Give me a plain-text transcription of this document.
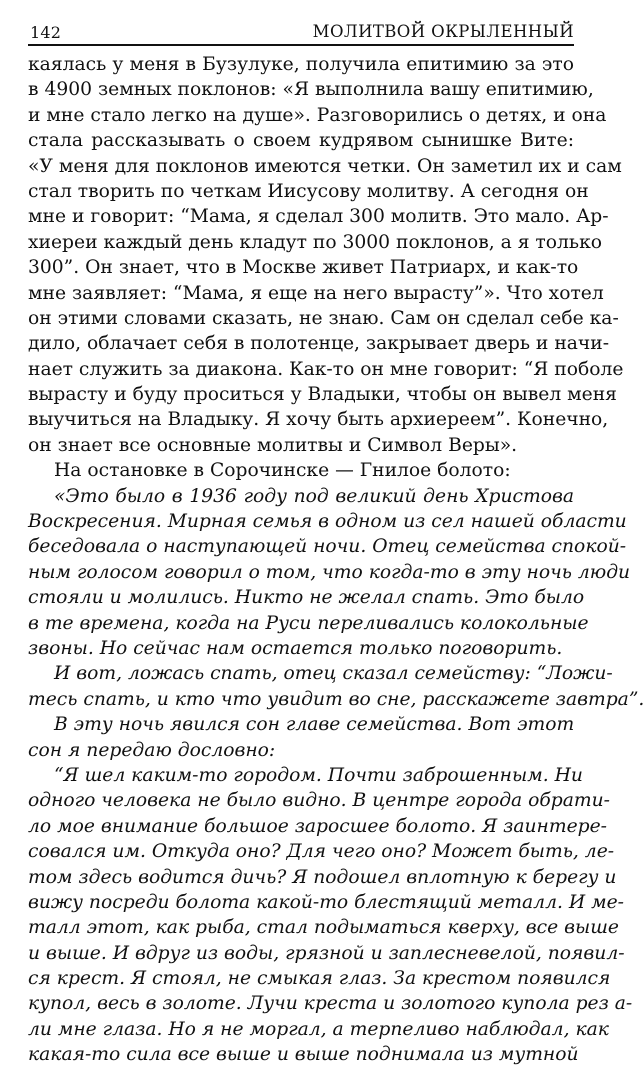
142	МОЛИТВОЙ ОКРЫЛЕННЫЙ
каялась у меня в Бузулуке, получила епитимию за это
в 4900 земных поклонов: «Я выполнила вашу епитимию,
и мне стало легко на душе». Разговорились о детях, и она
стала рассказывать о своем кудрявом сынишке Вите:
«У меня для поклонов имеются четки. Он заметил их и сам
стал творить по четкам Иисусову молитву. А сегодня он
мне и говорит: “Мама, я сделал 300 молитв. Это мало. Ар-
хиереи каждый день кладут по 3000 поклонов, а я только
300”. Он знает, что в Москве живет Патриарх, и как-то
мне заявляет: “Мама, я еще на него вырасту”». Что хотел
он этими словами сказать, не знаю. Сам он сделал себе ка-
дило, облачает себя в полотенце, закрывает дверь и начи-
нает служить за диакона. Как-то он мне говорит: “Я поболе
вырасту и буду проситься у Владыки, чтобы он вывел меня
выучиться на Владыку. Я хочу быть архиереем”. Конечно,
он знает все основные молитвы и Символ Веры».
На остановке в Сорочинске — Гнилое болото:
«Это было в 1936 году под великий день Христова
Воскресения. Мирная семья в одном из сел нашей области
беседовала о наступающей ночи. Отец семейства спокой-
ным голосом говорил о том, что когда-то в эту ночь люди
стояли и молились. Никто не желал спать. Это было
в те времена, когда на Руси переливались колокольные
звоны. Но сейчас нам остается только поговорить.
И вот, ложась спать, отец сказал семейству: “Ложи-
тесь спать, и кто что увидит во сне, расскажете завтра”.
В эту ночь явился сон главе семейства. Вот этот
сон я передаю дословно:
“Я шел каким-то городом. Почти заброшенным. Ни
одного человека не было видно. В центре города обрати-
ло мое внимание большое заросшее болото. Я заинтере-
совался им. Откуда оно? Для чего оно? Может быть, ле-
том здесь водится дичь? Я подошел вплотную к берегу и
вижу посреди болота какой-то блестящий металл. И ме-
талл этот, как рыба, стал подыматься кверху, все выше
и выше. И вдруг из воды, грязной и заплесневелой, появил-
ся крест. Я стоял, не смыкая глаз. За крестом появился
купол, весь в золоте. Лучи креста и золотого купола рез а-
ли мне глаза. Но я не моргал, а терпеливо наблюдал, как
какая-то сила все выше и выше поднимала из мутной
